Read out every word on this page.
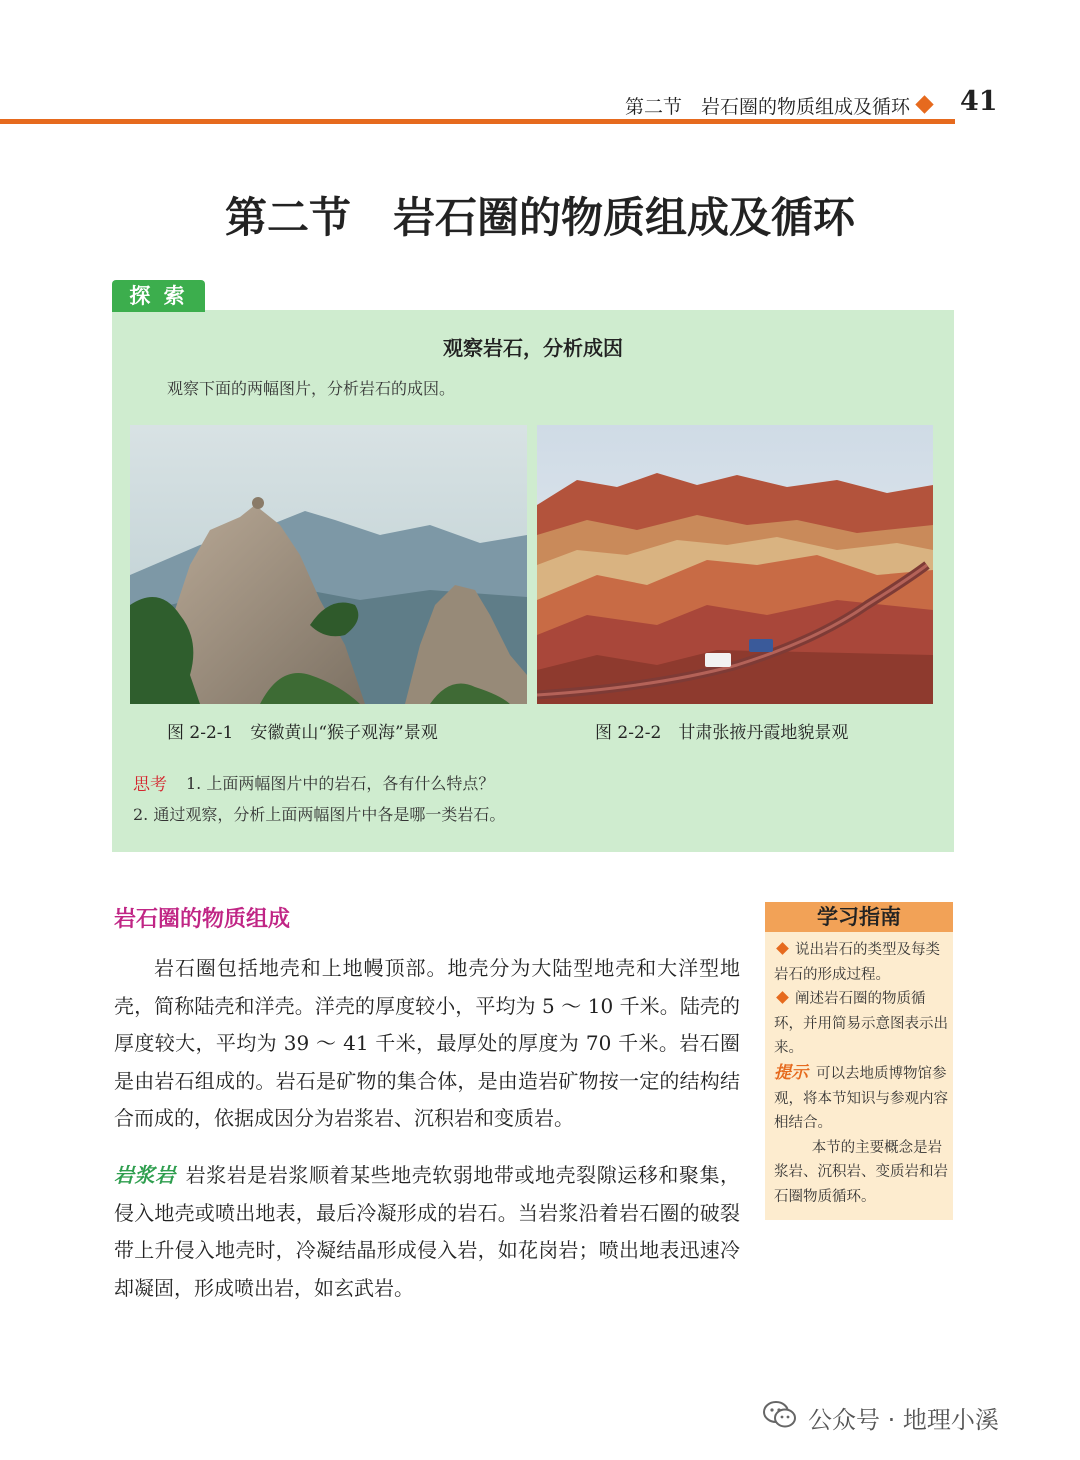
第二节　岩石圈的物质组成及循环 41
第二节　岩石圈的物质组成及循环
探 索
观察岩石，分析成因
观察下面的两幅图片，分析岩石的成因。
图 2-2-1　安徽黄山“猴子观海”景观	图 2-2-2　甘肃张掖丹霞地貌景观
思考 1. 上面两幅图片中的岩石，各有什么特点？
2. 通过观察，分析上面两幅图片中各是哪一类岩石。
岩石圈的物质组成
岩石圈包括地壳和上地幔顶部。地壳分为大陆型地壳和大洋型地壳，简称陆壳和洋壳。洋壳的厚度较小，平均为 5 ～ 10 千米。陆壳的厚度较大，平均为 39 ～ 41 千米，最厚处的厚度为 70 千米。岩石圈是由岩石组成的。岩石是矿物的集合体，是由造岩矿物按一定的结构结合而成的，依据成因分为岩浆岩、沉积岩和变质岩。
岩浆岩 岩浆岩是岩浆顺着某些地壳软弱地带或地壳裂隙运移和聚集，侵入地壳或喷出地表，最后冷凝形成的岩石。当岩浆沿着岩石圈的破裂带上升侵入地壳时，冷凝结晶形成侵入岩，如花岗岩；喷出地表迅速冷却凝固，形成喷出岩，如玄武岩。
学习指南

说出岩石的类型及每类岩石的形成过程。

阐述岩石圈的物质循环，并用简易示意图表示出来。

提示 可以去地质博物馆参观，将本节知识与参观内容相结合。

本节的主要概念是岩浆岩、沉积岩、变质岩和岩石圈物质循环。

公众号 · 地理小溪
